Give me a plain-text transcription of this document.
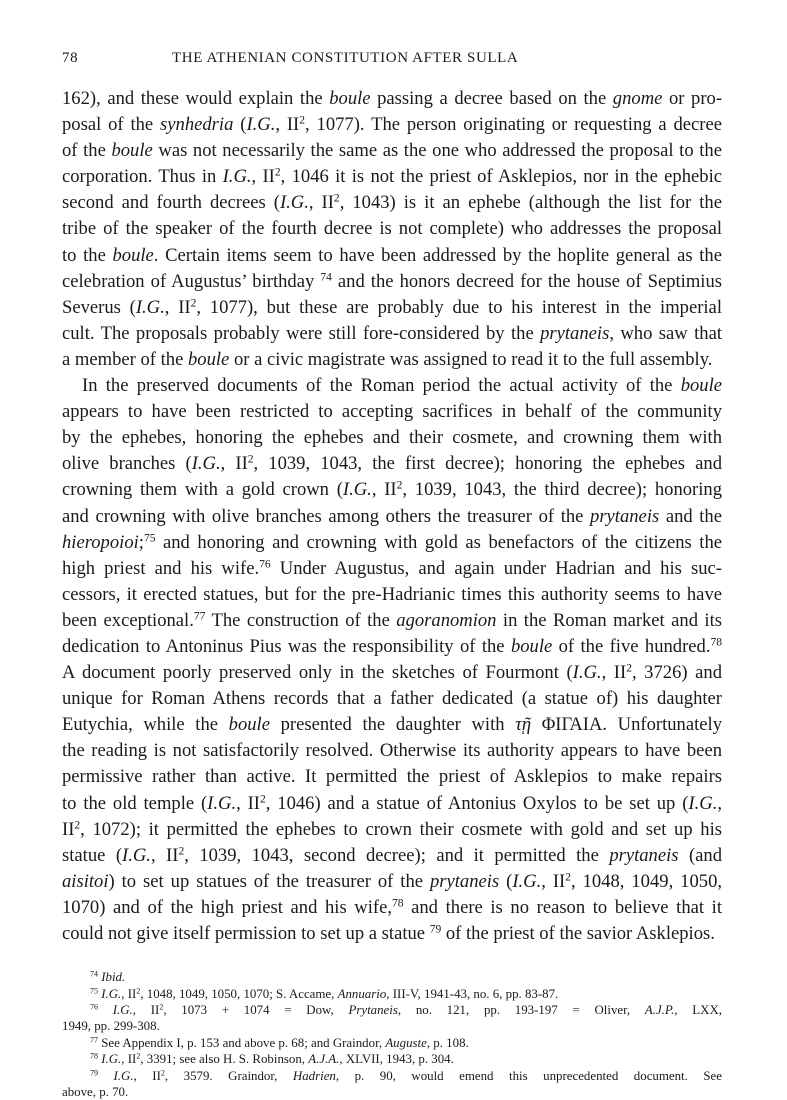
78	THE ATHENIAN CONSTITUTION AFTER SULLA
162), and these would explain the boule passing a decree based on the gnome or pro-
posal of the synhedria (I.G., $II^2$, 1077). The person originating or requesting a decree
of the boule was not necessarily the same as the one who addressed the proposal to the
corporation. Thus in I.G., $II^2$, 1046 it is not the priest of Asklepios, nor in the ephebic
second and fourth decrees (I.G., $II^2$, 1043) is it an ephebe (although the list for the
tribe of the speaker of the fourth decree is not complete) who addresses the proposal
to the boule. Certain items seem to have been addressed by the hoplite general as the
celebration of Augustus’ birthday $^{74}$ and the honors decreed for the house of Septimius
Severus (I.G., $II^2$, 1077), but these are probably due to his interest in the imperial
cult. The proposals probably were still fore-considered by the prytaneis, who saw that
a member of the boule or a civic magistrate was assigned to read it to the full assembly.
In the preserved documents of the Roman period the actual activity of the boule
appears to have been restricted to accepting sacrifices in behalf of the community
by the ephebes, honoring the ephebes and their cosmete, and crowning them with
olive branches (I.G., $II^2$, 1039, 1043, the first decree); honoring the ephebes and
crowning them with a gold crown (I.G., $II^2$, 1039, 1043, the third decree); honoring
and crowning with olive branches among others the treasurer of the prytaneis and the
hieropoioi;$^{75}$ and honoring and crowning with gold as benefactors of the citizens the
high priest and his wife.$^{76}$ Under Augustus, and again under Hadrian and his suc-
cessors, it erected statues, but for the pre-Hadrianic times this authority seems to have
been exceptional.$^{77}$ The construction of the agoranomion in the Roman market and its
dedication to Antoninus Pius was the responsibility of the boule of the five hundred.$^{78}$
A document poorly preserved only in the sketches of Fourmont (I.G., $II^2$, 3726) and
unique for Roman Athens records that a father dedicated (a statue of) his daughter
Eutychia, while the boule presented the daughter with τῇ ΦΙΓΑΙΑ. Unfortunately
the reading is not satisfactorily resolved. Otherwise its authority appears to have been
permissive rather than active. It permitted the priest of Asklepios to make repairs
to the old temple (I.G., $II^2$, 1046) and a statue of Antonius Oxylos to be set up (I.G.,
$II^2$, 1072); it permitted the ephebes to crown their cosmete with gold and set up his
statue (I.G., $II^2$, 1039, 1043, second decree); and it permitted the prytaneis (and
aisitoi) to set up statues of the treasurer of the prytaneis (I.G., $II^2$, 1048, 1049, 1050,
1070) and of the high priest and his wife,$^{78}$ and there is no reason to believe that it
could not give itself permission to set up a statue $^{79}$ of the priest of the savior Asklepios.
$^{74}$ Ibid.
$^{75}$ I.G., $II^2$, 1048, 1049, 1050, 1070; S. Accame, Annuario, III-V, 1941-43, no. 6, pp. 83-87.
$^{76}$ I.G., $II^2$, 1073 + 1074 = Dow, Prytaneis, no. 121, pp. 193-197 = Oliver, A.J.P., LXX,
1949, pp. 299-308.
$^{77}$ See Appendix I, p. 153 and above p. 68; and Graindor, Auguste, p. 108.
$^{78}$ I.G., $II^2$, 3391; see also H. S. Robinson, A.J.A., XLVII, 1943, p. 304.
$^{79}$ I.G., $II^2$, 3579. Graindor, Hadrien, p. 90, would emend this unprecedented document. See
above, p. 70.
